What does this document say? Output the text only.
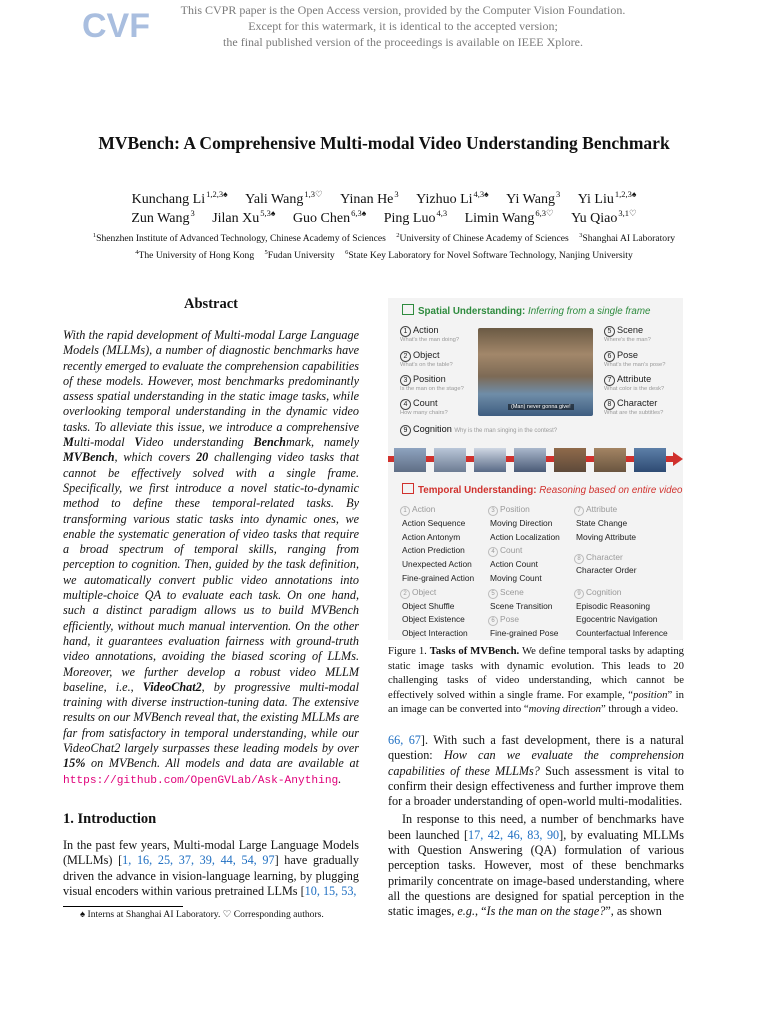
CVF	This CVPR paper is the Open Access version, provided by the Computer Vision Foundation.
Except for this watermark, it is identical to the accepted version;
the final published version of the proceedings is available on IEEE Xplore.
MVBench: A Comprehensive Multi-modal Video Understanding Benchmark
Kunchang $Li^{1,2,3♠}$ Yali Wang$^{1,3♡}$ Yinan He$^3$ Yizhuo $Li^{4,3♠}$ Yi Wang$^3$ Yi Liu$^{1,2,3♠}$
Zun Wang$^3$ Jilan $Xu^{5,3♠}$ Guo Chen$^{6,3♠}$ Ping Luo$^{4,3}$ Limin Wang$^{6,3♡}$ Yu Qiao$^{3,1♡}$
$^1$Shenzhen Institute of Advanced Technology, Chinese Academy of Sciences $^2$University of Chinese Academy of Sciences $^3$Shanghai AI Laboratory
$^4$The University of Hong Kong $^5$Fudan University $^6$State Key Laboratory for Novel Software Technology, Nanjing University
Abstract
With the rapid development of Multi-modal Large Language Models (MLLMs), a number of diagnostic benchmarks have recently emerged to evaluate the comprehension capabilities of these models. However, most benchmarks predominantly assess spatial understanding in the static image tasks, while overlooking temporal understanding in the dynamic video tasks. To alleviate this issue, we introduce a comprehensive Multi-modal Video understanding Benchmark, namely MVBench, which covers 20 challenging video tasks that cannot be effectively solved with a single frame. Specifically, we first introduce a novel static-to-dynamic method to define these temporal-related tasks. By transforming various static tasks into dynamic ones, we enable the systematic generation of video tasks that require a broad spectrum of temporal skills, ranging from perception to cognition. Then, guided by the task definition, we automatically convert public video annotations into multiple-choice QA to evaluate each task. On one hand, such a distinct paradigm allows us to build MVBench efficiently, without much manual intervention. On the other hand, it guarantees evaluation fairness with ground-truth video annotations, avoiding the biased scoring of LLMs. Moreover, we further develop a robust video MLLM baseline, i.e., VideoChat2, by progressive multi-modal training with diverse instruction-tuning data. The extensive results on our MVBench reveal that, the existing MLLMs are far from satisfactory in temporal understanding, while our VideoChat2 largely surpasses these leading models by over 15% on MVBench. All models and data are available at https://github.com/OpenGVLab/Ask-Anything.
1. Introduction
In the past few years, Multi-modal Large Language Models (MLLMs) [1, 16, 25, 37, 39, 44, 54, 97] have gradually driven the advance in vision-language learning, by plugging visual encoders within various pretrained LLMs [10, 15, 53,
♠ Interns at Shanghai AI Laboratory. ♡ Corresponding authors.
Spatial Understanding: Inferring from a single frame
1 Action
What's the man doing?
2 Object
What's on the table?
3 Position
Is the man on the stage?
4 Count
How many chairs?
5 Scene
Where's the man?
6 Pose
What's the man's pose?
7 Attribute
What color is the desk?
8 Character
What are the subtitles?
(Man) never gonna give!
9 Cognition Why is the man singing in the contest?
Temporal Understanding: Reasoning based on entire video
1 Action
Action Sequence
Action Antonym
Action Prediction
Unexpected Action
Fine-grained Action
2 Object
Object Shuffle
Object Existence
Object Interaction
3 Position
Moving Direction
Action Localization
4 Count
Action Count
Moving Count
5 Scene
Scene Transition
6 Pose
Fine-grained Pose
7 Attribute
State Change
Moving Attribute
8 Character
Character Order
9 Cognition
Episodic Reasoning
Egocentric Navigation
Counterfactual Inference
Figure 1. Tasks of MVBench. We define temporal tasks by adapting static image tasks with dynamic evolution. This leads to 20 challenging tasks of video understanding, which cannot be effectively solved within a single frame. For example, “position” in an image can be converted into “moving direction” through a video.

66, 67]. With such a fast development, there is a natural question: How can we evaluate the comprehension capabilities of these MLLMs? Such assessment is vital to confirm their design effectiveness and further improve them for a broader understanding of open-world multi-modalities.

In response to this need, a number of benchmarks have been launched [17, 42, 46, 83, 90], by evaluating MLLMs with Question Answering (QA) formulation of various perception tasks. However, most of these benchmarks primarily concentrate on image-based understanding, where all the questions are designed for spatial perception in the static images, e.g., “Is the man on the stage?”, as shown
